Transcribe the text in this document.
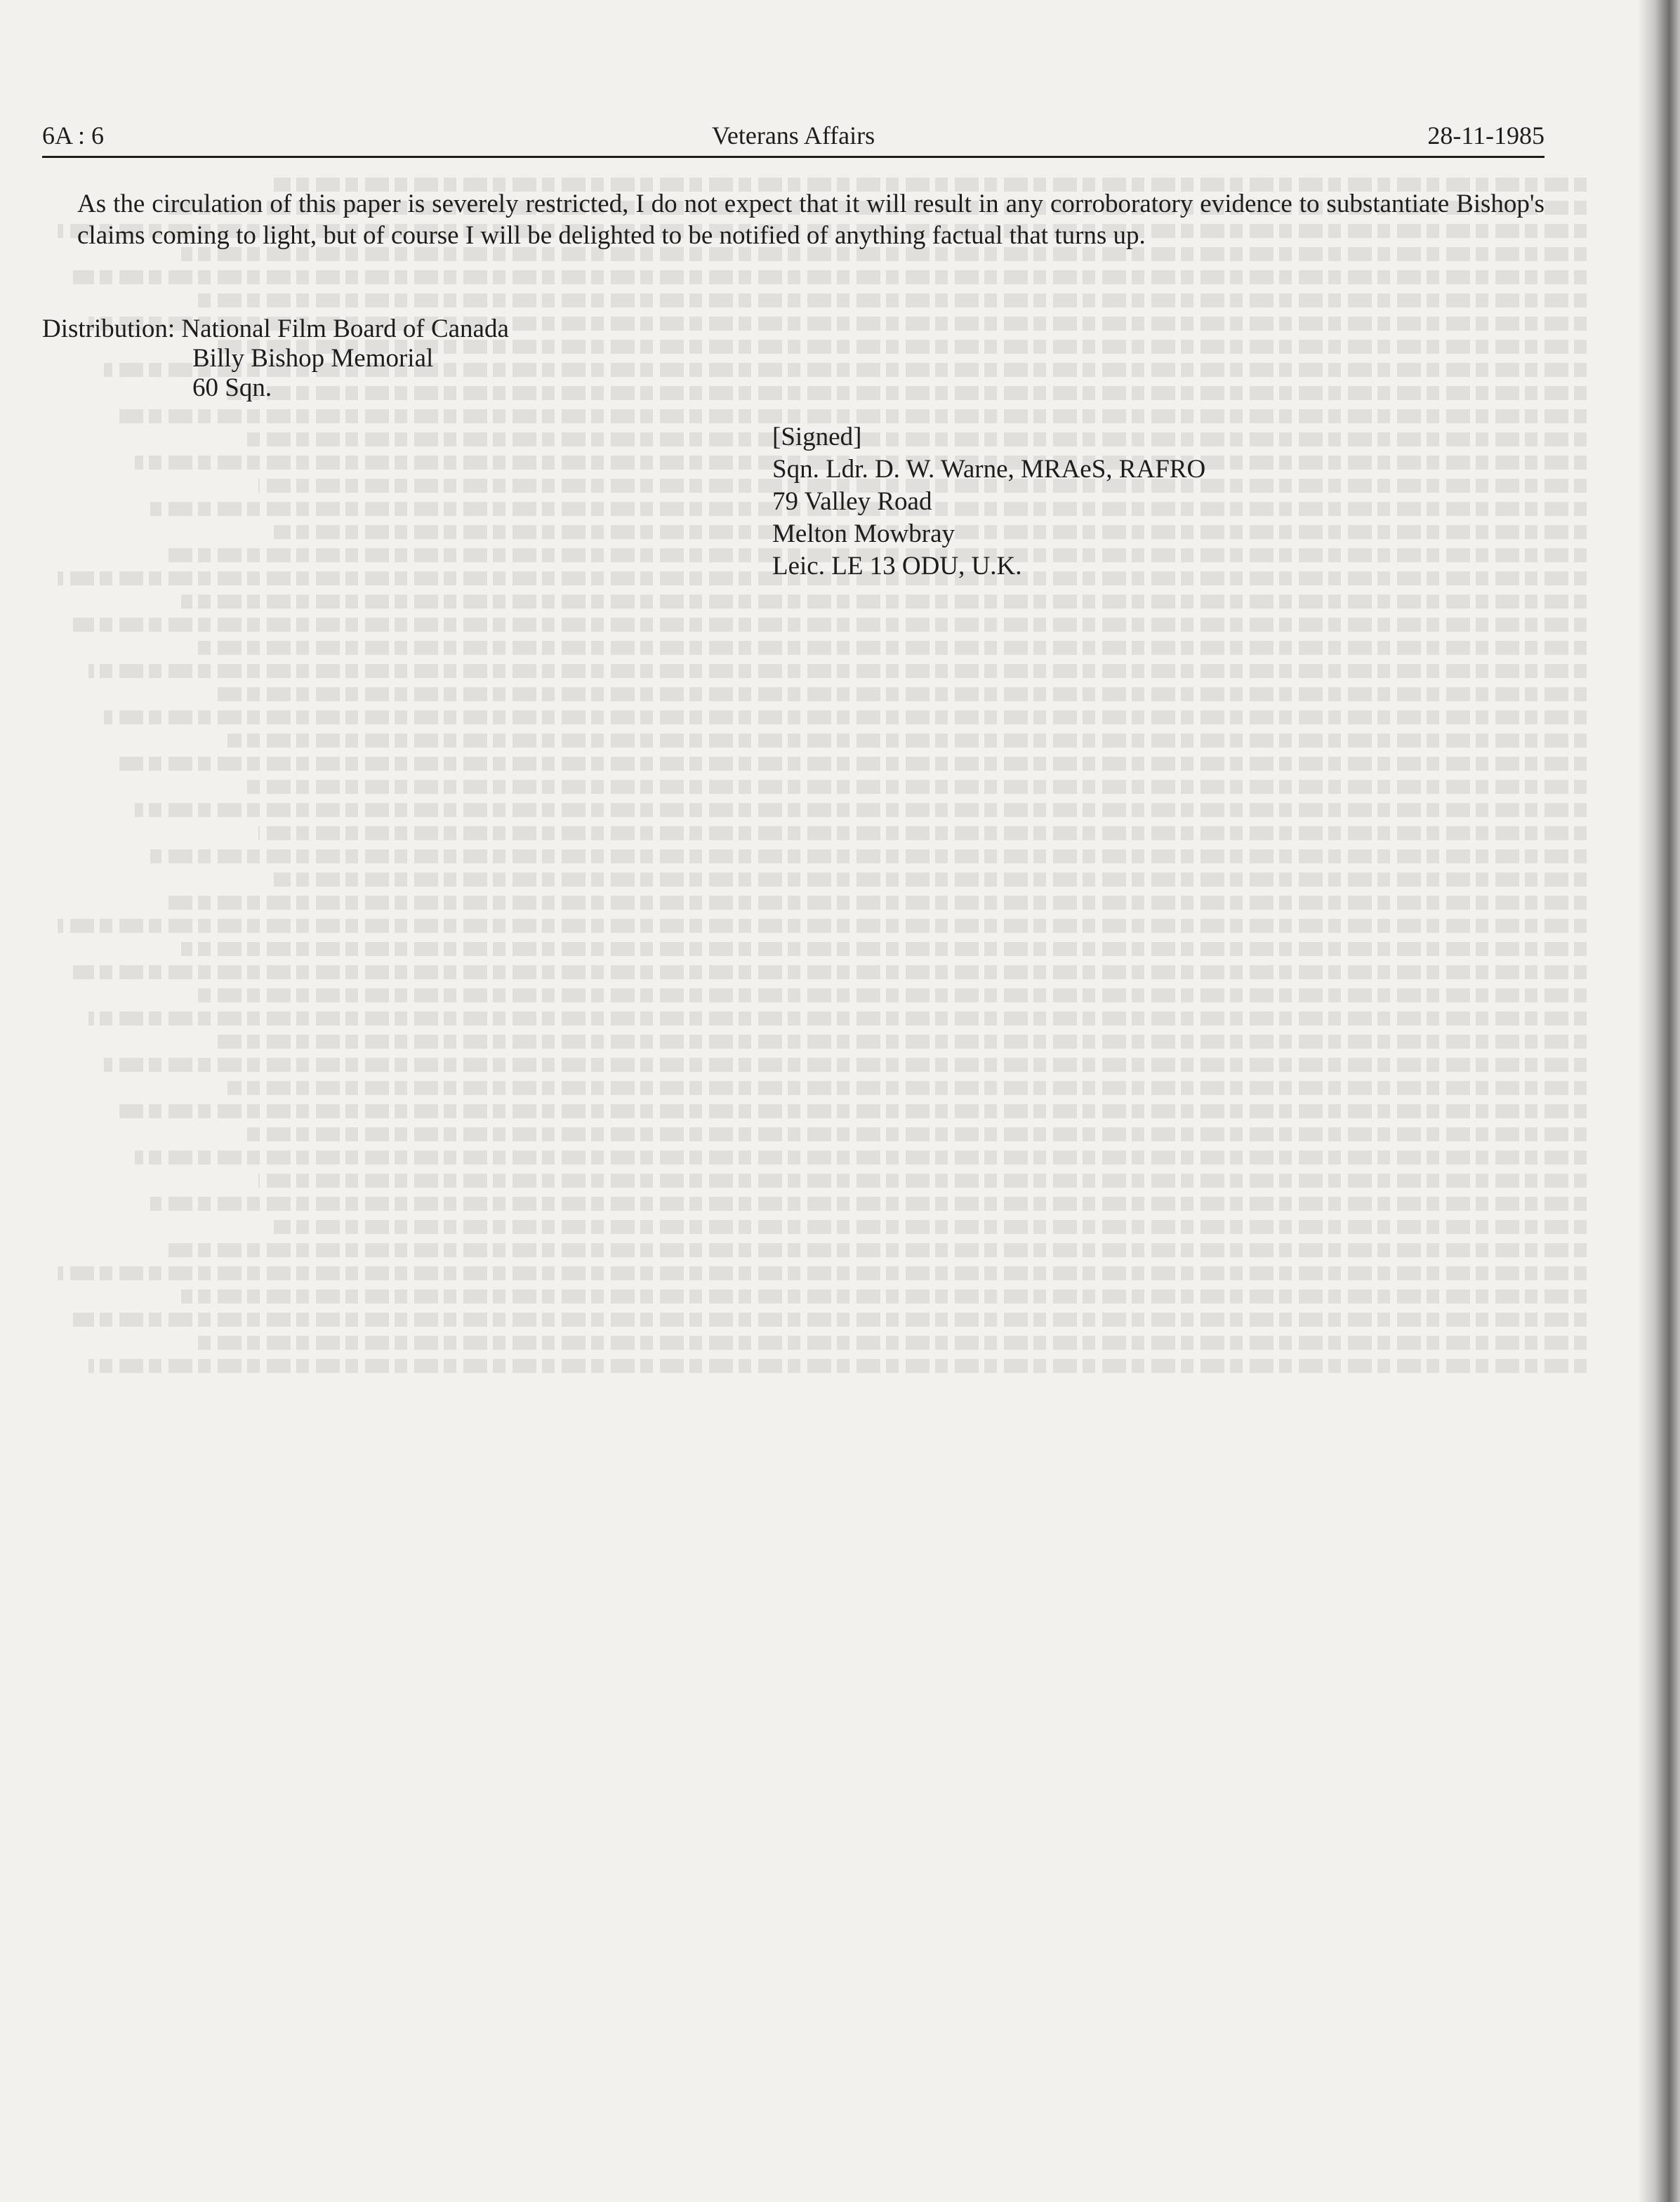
6A : 6	Veterans Affairs	28-11-1985
As the circulation of this paper is severely restricted, I do not expect that it will result in any corroboratory evidence to substantiate Bishop's claims coming to light, but of course I will be delighted to be notified of anything factual that turns up.
Distribution: National Film Board of Canada
Billy Bishop Memorial
60 Sqn.
[Signed]
Sqn. Ldr. D. W. Warne, MRAeS, RAFRO
79 Valley Road
Melton Mowbray
Leic. LE 13 ODU, U.K.
